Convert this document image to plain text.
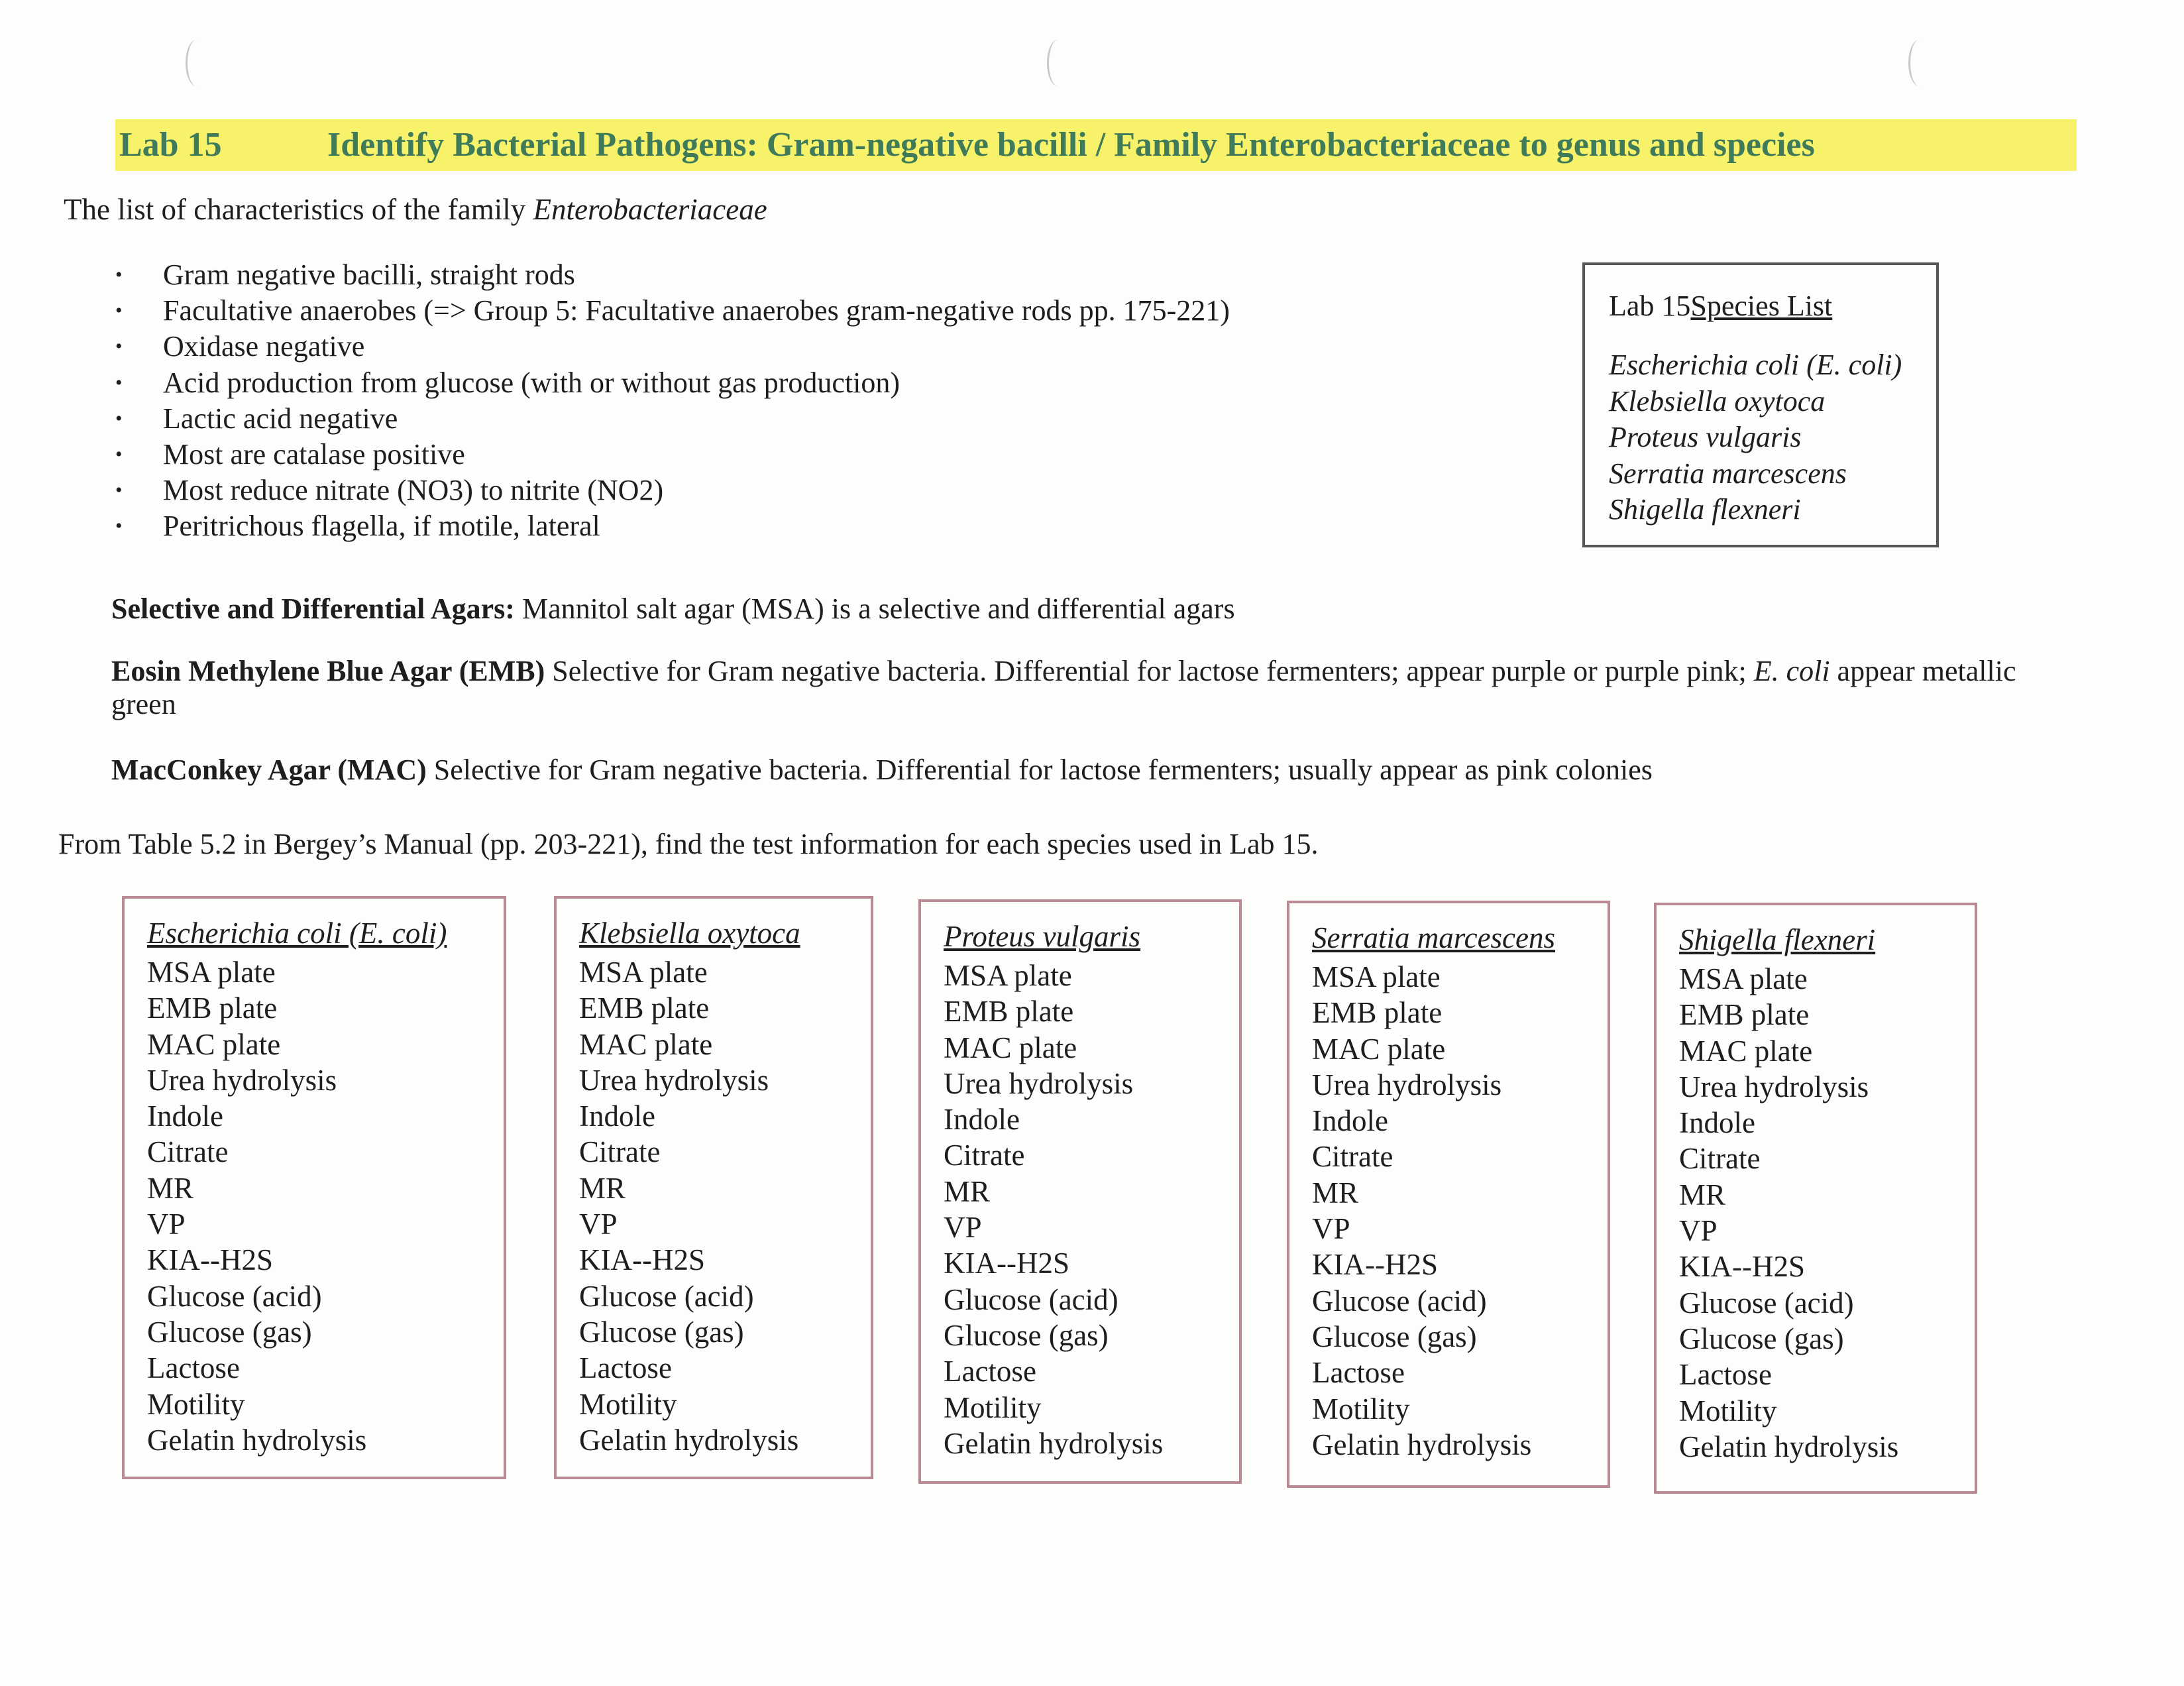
Lab 15	Identify Bacterial Pathogens: Gram-negative bacilli / Family Enterobacteriaceae to genus and species
The list of characteristics of the family Enterobacteriaceae
• Gram negative bacilli, straight rods
• Facultative anaerobes (=> Group 5: Facultative anaerobes gram-negative rods pp. 175-221)
• Oxidase negative
• Acid production from glucose (with or without gas production)
• Lactic acid negative
• Most are catalase positive
• Most reduce nitrate (NO3) to nitrite (NO2)
• Peritrichous flagella, if motile, lateral
Lab 15Species List
Escherichia coli (E. coli)
Klebsiella oxytoca
Proteus vulgaris
Serratia marcescens
Shigella flexneri
Selective and Differential Agars: Mannitol salt agar (MSA) is a selective and differential agars
Eosin Methylene Blue Agar (EMB) Selective for Gram negative bacteria. Differential for lactose fermenters; appear purple or purple pink; E. coli appear metallic green
MacConkey Agar (MAC) Selective for Gram negative bacteria. Differential for lactose fermenters; usually appear as pink colonies
From Table 5.2 in Bergey’s Manual (pp. 203-221), find the test information for each species used in Lab 15.
Escherichia coli (E. coli)
MSA plate
EMB plate
MAC plate
Urea hydrolysis
Indole
Citrate
MR
VP
KIA--H2S
Glucose (acid)
Glucose (gas)
Lactose
Motility
Gelatin hydrolysis
Klebsiella oxytoca
MSA plate
EMB plate
MAC plate
Urea hydrolysis
Indole
Citrate
MR
VP
KIA--H2S
Glucose (acid)
Glucose (gas)
Lactose
Motility
Gelatin hydrolysis
Proteus vulgaris
MSA plate
EMB plate
MAC plate
Urea hydrolysis
Indole
Citrate
MR
VP
KIA--H2S
Glucose (acid)
Glucose (gas)
Lactose
Motility
Gelatin hydrolysis
Serratia marcescens
MSA plate
EMB plate
MAC plate
Urea hydrolysis
Indole
Citrate
MR
VP
KIA--H2S
Glucose (acid)
Glucose (gas)
Lactose
Motility
Gelatin hydrolysis
Shigella flexneri
MSA plate
EMB plate
MAC plate
Urea hydrolysis
Indole
Citrate
MR
VP
KIA--H2S
Glucose (acid)
Glucose (gas)
Lactose
Motility
Gelatin hydrolysis
